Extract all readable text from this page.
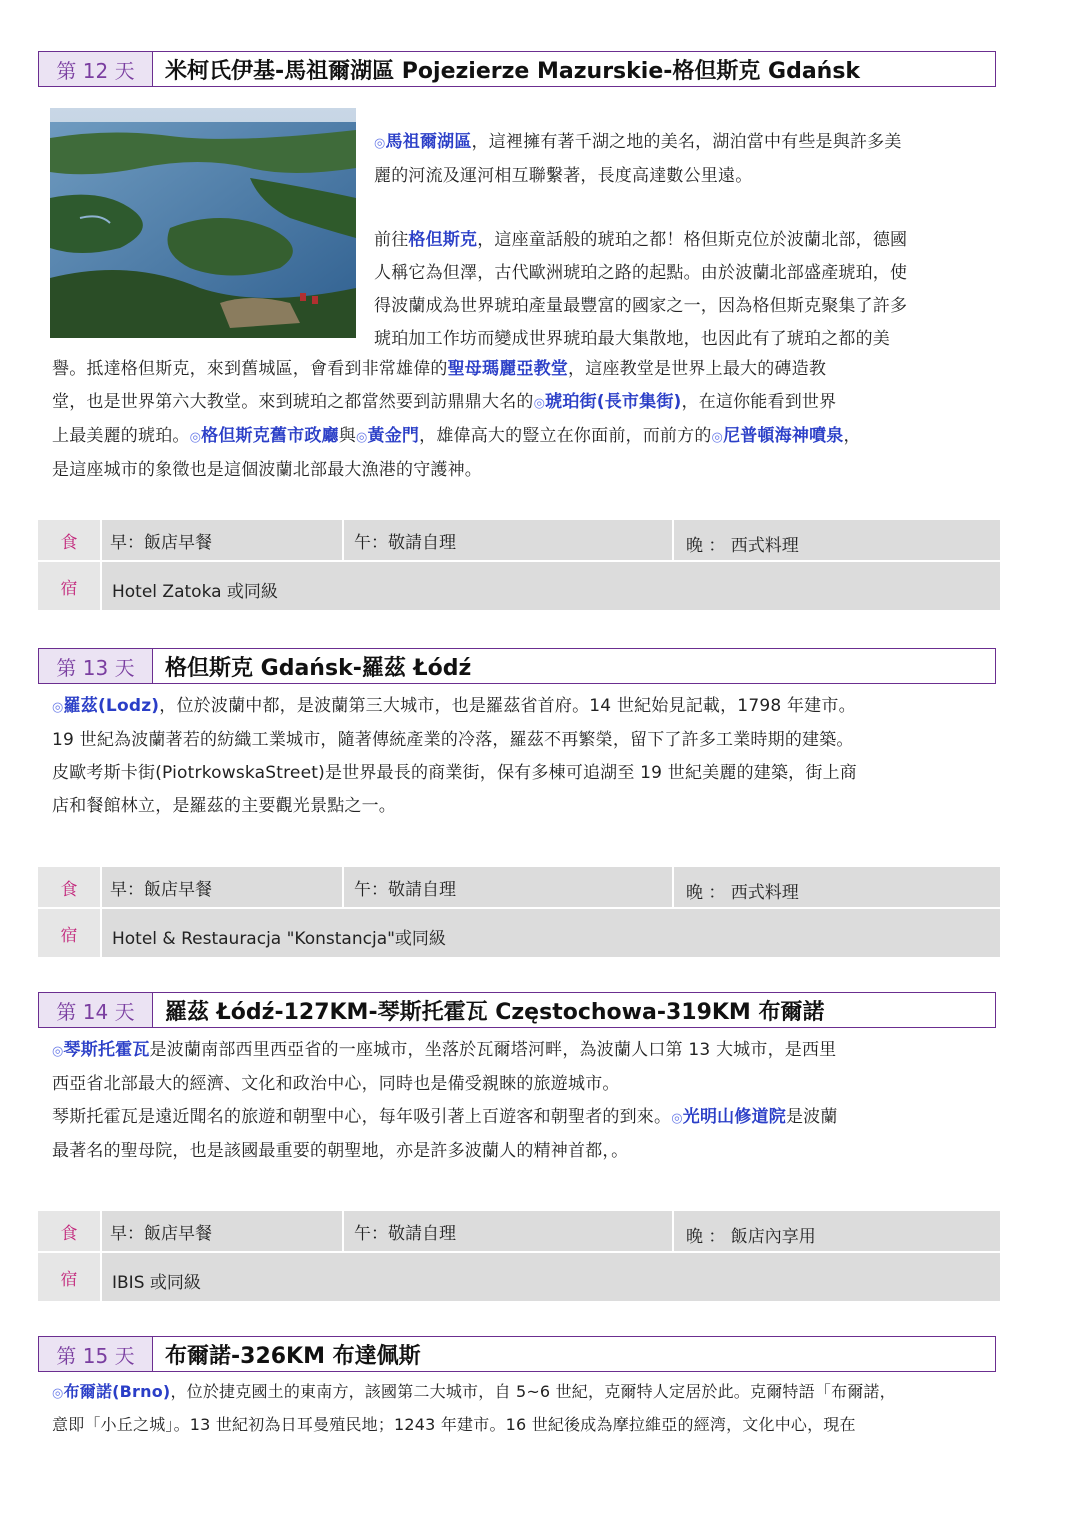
第 12 天	米柯氏伊基-馬祖爾湖區 Pojezierze Mazurskie-格但斯克 Gdańsk
◎馬祖爾湖區，這裡擁有著千湖之地的美名，湖泊當中有些是與許多美
麗的河流及運河相互聯繫著，長度高達數公里遠。
前往格但斯克，這座童話般的琥珀之都！格但斯克位於波蘭北部，德國
人稱它為但澤，古代歐洲琥珀之路的起點。由於波蘭北部盛產琥珀，使
得波蘭成為世界琥珀產量最豐富的國家之一，因為格但斯克聚集了許多
琥珀加工作坊而變成世界琥珀最大集散地，也因此有了琥珀之都的美
譽。抵達格但斯克，來到舊城區，會看到非常雄偉的聖母瑪麗亞教堂，這座教堂是世界上最大的磚造教
堂，也是世界第六大教堂。來到琥珀之都當然要到訪鼎鼎大名的◎琥珀街(長市集街)，在這你能看到世界
上最美麗的琥珀。◎格但斯克舊市政廳與◎黃金門，雄偉高大的豎立在你面前，而前方的◎尼普頓海神噴泉，
是這座城市的象徵也是這個波蘭北部最大漁港的守護神。
食	早：飯店早餐	午：敬請自理	晚 ： 西式料理
宿	Hotel Zatoka 或同級
第 13 天	格但斯克 Gdańsk-羅茲 Łódź
◎羅茲(Lodz)，位於波蘭中都，是波蘭第三大城市，也是羅茲省首府。14 世紀始見記載，1798 年建市。
19 世紀為波蘭著若的紡織工業城市，隨著傳統產業的冷落，羅茲不再繁榮，留下了許多工業時期的建築。
皮歐考斯卡街(PiotrkowskaStreet)是世界最長的商業街，保有多棟可追湖至 19 世紀美麗的建築，街上商
店和餐館林立，是羅茲的主要觀光景點之一。
食	早：飯店早餐	午：敬請自理	晚 ： 西式料理
宿	Hotel & Restauracja "Konstancja"或同級
第 14 天	羅茲 Łódź-127KM-琴斯托霍瓦 Częstochowa-319KM 布爾諾
◎琴斯托霍瓦是波蘭南部西里西亞省的一座城市，坐落於瓦爾塔河畔，為波蘭人口第 13 大城市，是西里
西亞省北部最大的經濟、文化和政治中心，同時也是備受親睞的旅遊城市。
琴斯托霍瓦是遠近聞名的旅遊和朝聖中心，每年吸引著上百遊客和朝聖者的到來。◎光明山修道院是波蘭
最著名的聖母院，也是該國最重要的朝聖地，亦是許多波蘭人的精神首都，。
食	早：飯店早餐	午：敬請自理	晚 ： 飯店內享用
宿	IBIS 或同級
第 15 天	布爾諾-326KM 布達佩斯
◎布爾諾(Brno)，位於捷克國土的東南方，該國第二大城市，自 5~6 世紀，克爾特人定居於此。克爾特語「布爾諾，
意即「小丘之城」。13 世紀初為日耳曼殖民地；1243 年建市。16 世紀後成為摩拉維亞的經湾，文化中心，現在
